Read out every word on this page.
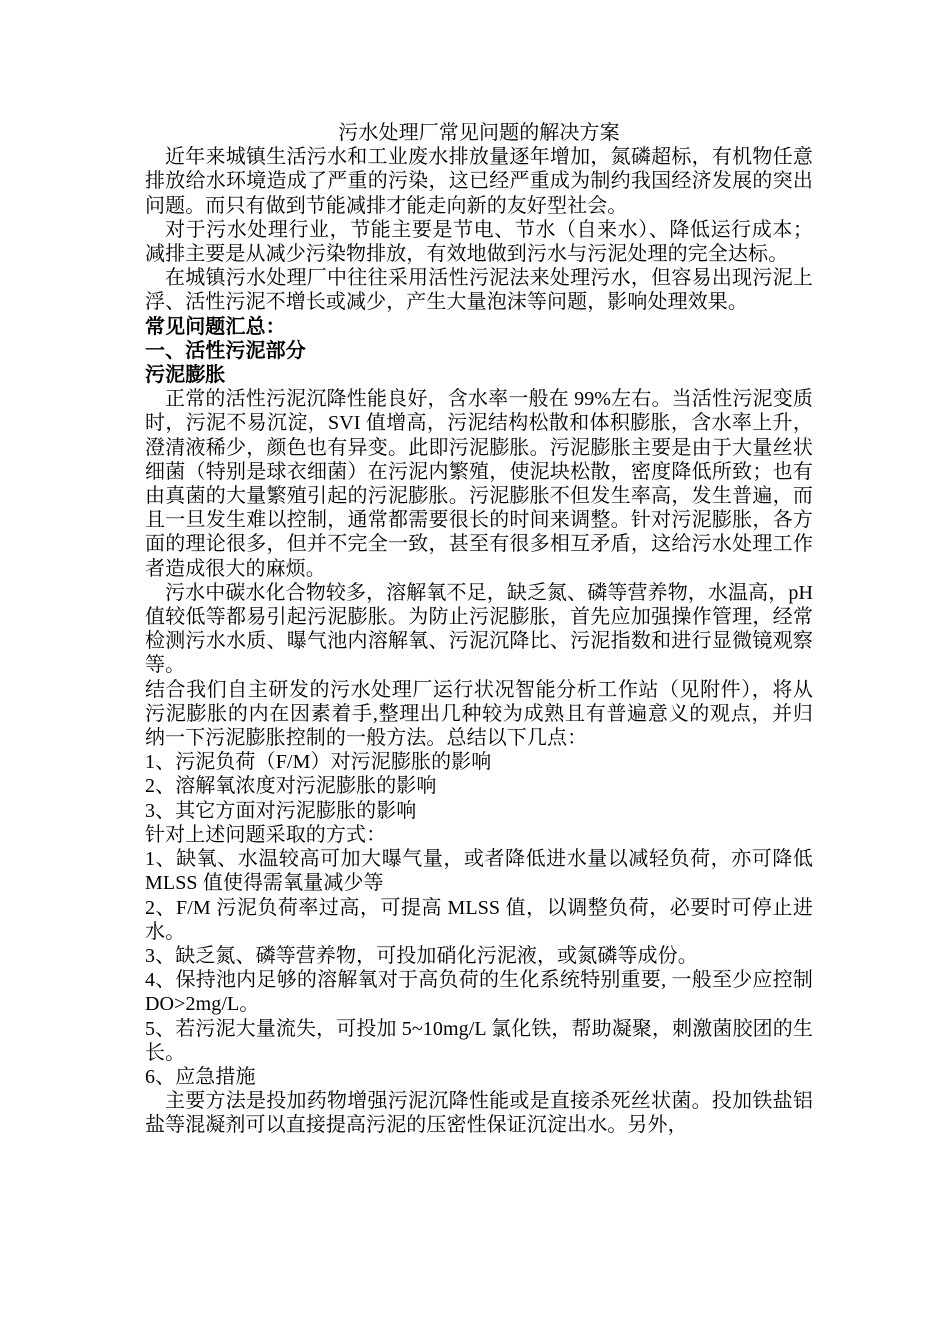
污水处理厂常见问题的解决方案

近年来城镇生活污水和工业废水排放量逐年增加，氮磷超标，有机物任意排放给水环境造成了严重的污染，这已经严重成为制约我国经济发展的突出问题。而只有做到节能减排才能走向新的友好型社会。

对于污水处理行业，节能主要是节电、节水（自来水）、降低运行成本；减排主要是从减少污染物排放，有效地做到污水与污泥处理的完全达标。

在城镇污水处理厂中往往采用活性污泥法来处理污水，但容易出现污泥上浮、活性污泥不增长或减少，产生大量泡沫等问题，影响处理效果。

常见问题汇总：

一、活性污泥部分

污泥膨胀

正常的活性污泥沉降性能良好，含水率一般在 99%左右。当活性污泥变质时，污泥不易沉淀，SVI 值增高，污泥结构松散和体积膨胀，含水率上升，澄清液稀少，颜色也有异变。此即污泥膨胀。污泥膨胀主要是由于大量丝状细菌（特别是球衣细菌）在污泥内繁殖，使泥块松散，密度降低所致；也有由真菌的大量繁殖引起的污泥膨胀。污泥膨胀不但发生率高，发生普遍，而且一旦发生难以控制，通常都需要很长的时间来调整。针对污泥膨胀，各方面的理论很多，但并不完全一致，甚至有很多相互矛盾，这给污水处理工作者造成很大的麻烦。

污水中碳水化合物较多，溶解氧不足，缺乏氮、磷等营养物，水温高，pH 值较低等都易引起污泥膨胀。为防止污泥膨胀，首先应加强操作管理，经常检测污水水质、曝气池内溶解氧、污泥沉降比、污泥指数和进行显微镜观察等。

结合我们自主研发的污水处理厂运行状况智能分析工作站（见附件），将从污泥膨胀的内在因素着手,整理出几种较为成熟且有普遍意义的观点，并归纳一下污泥膨胀控制的一般方法。总结以下几点：

1、污泥负荷（F/M）对污泥膨胀的影响

2、溶解氧浓度对污泥膨胀的影响

3、其它方面对污泥膨胀的影响

针对上述问题采取的方式：

1、缺氧、水温较高可加大曝气量，或者降低进水量以减轻负荷，亦可降低 MLSS 值使得需氧量减少等

2、F/M 污泥负荷率过高，可提高 MLSS 值，以调整负荷，必要时可停止进水。

3、缺乏氮、磷等营养物，可投加硝化污泥液，或氮磷等成份。

4、保持池内足够的溶解氧对于高负荷的生化系统特别重要, 一般至少应控制 DO>2mg/L。

5、若污泥大量流失，可投加 5~10mg/L 氯化铁，帮助凝聚，刺激菌胶团的生长。

6、应急措施

主要方法是投加药物增强污泥沉降性能或是直接杀死丝状菌。投加铁盐铝盐等混凝剂可以直接提高污泥的压密性保证沉淀出水。另外，
